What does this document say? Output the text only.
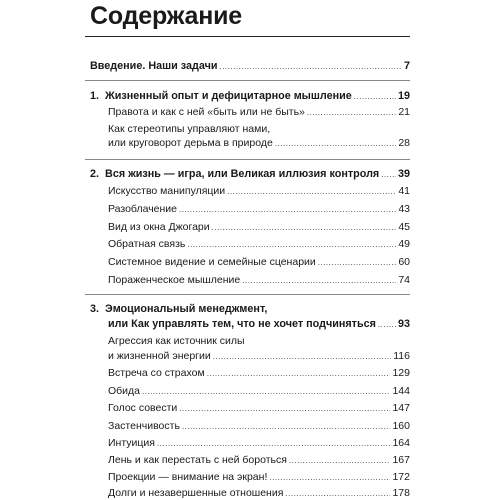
Содержание
Введение. Наши задачи .....	7
1. Жизненный опыт и дефицитарное мышление .....	19
Правота и как с ней «быть или не быть» .....	21
Как стереотипы управляют нами,
или круговорот дерьма в природе .....	28
2. Вся жизнь — игра, или Великая иллюзия контроля ..... 39
Искусство манипуляции .....	41
Разоблачение .....	43
Вид из окна Джогари .....	45
Обратная связь .....	49
Системное видение и семейные сценарии .....	60
Пораженческое мышление .....	74
3. Эмоциональный менеджмент,
или Как управлять тем, что не хочет подчиняться ..... 93
Агрессия как источник силы
и жизненной энергии .....	116
Встреча со страхом .....	129
Обида .....	144
Голос совести .....	147
Застенчивость .....	160
Интуиция .....	164
Лень и как перестать с ней бороться .....	167
Проекции — внимание на экран! .....	172
Долги и незавершенные отношения .....	178
